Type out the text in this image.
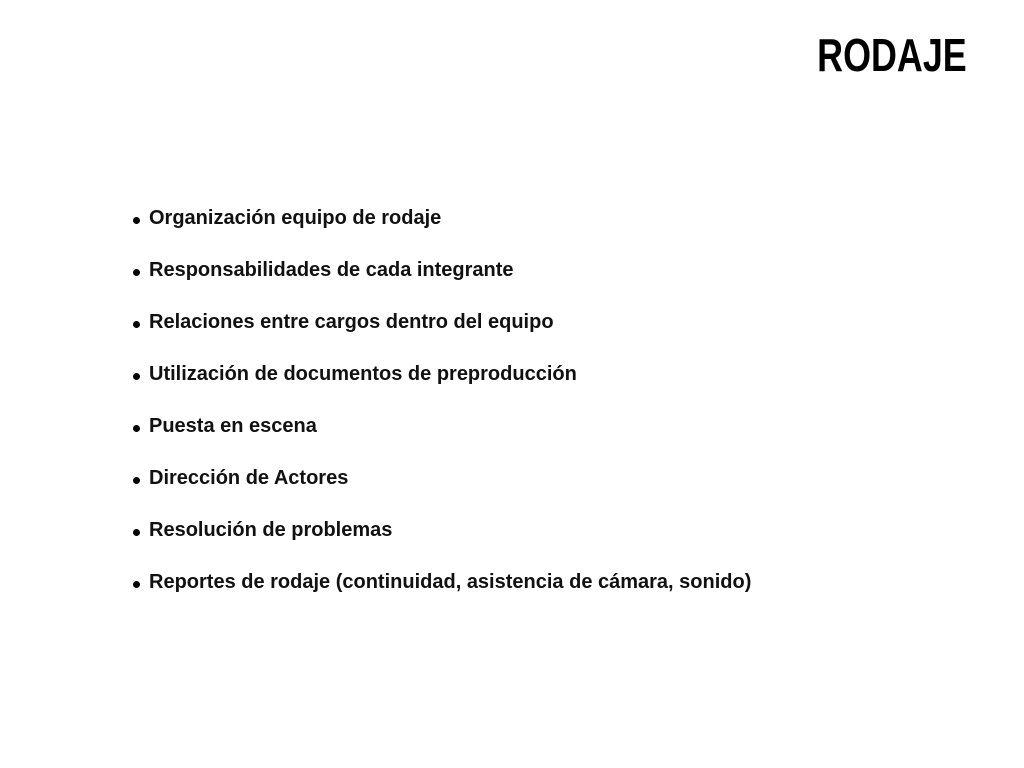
RODAJE
Organización equipo de rodaje
Responsabilidades de cada integrante
Relaciones entre cargos dentro del equipo
Utilización de documentos de preproducción
Puesta en escena
Dirección de Actores
Resolución de problemas
Reportes de rodaje (continuidad, asistencia de cámara, sonido)
